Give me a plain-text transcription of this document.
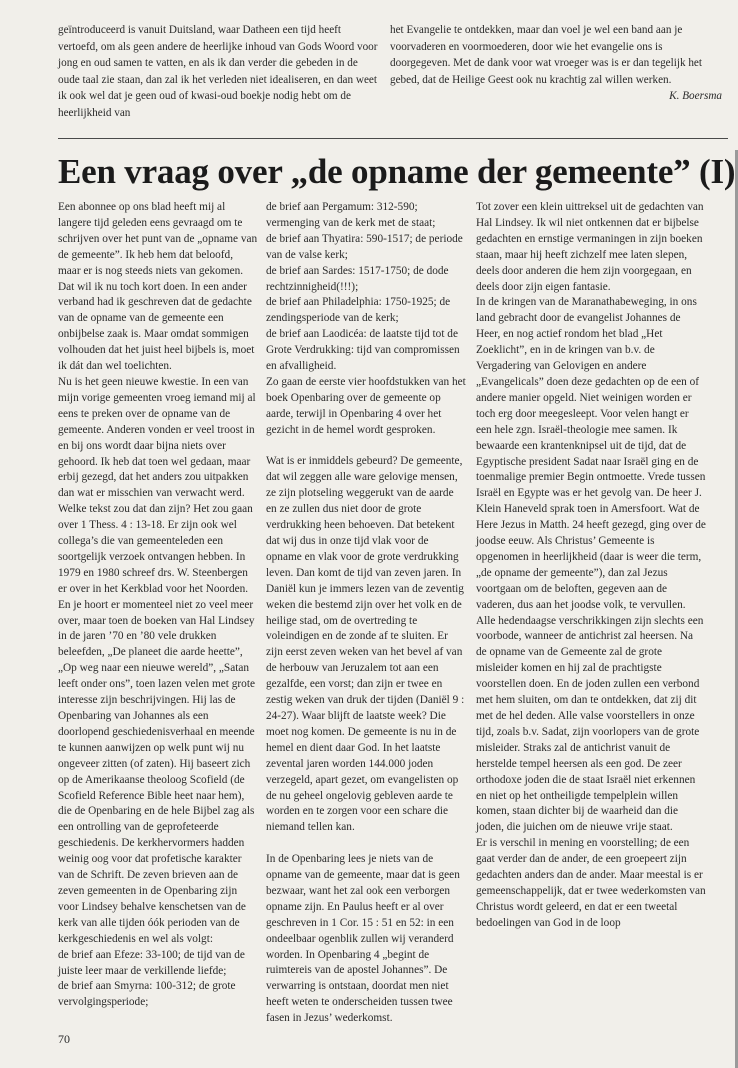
geïntroduceerd is vanuit Duitsland, waar Datheen een tijd heeft vertoefd, om als geen andere de heerlijke inhoud van Gods Woord voor jong en oud samen te vatten, en als ik dan verder die gebeden in de oude taal zie staan, dan zal ik het verleden niet idealiseren, en dan weet ik ook wel dat je geen oud of kwasi-oud boekje nodig hebt om de heerlijkheid van

het Evangelie te ontdekken, maar dan voel je wel een band aan je voorvaderen en voormoederen, door wie het evangelie ons is doorgegeven. Met de dank voor wat vroeger was is er dan tegelijk het gebed, dat de Heilige Geest ook nu krachtig zal willen werken.

K. Boersma

Een vraag over „de opname der gemeente” (I)

Een abonnee op ons blad heeft mij al langere tijd geleden eens gevraagd om te schrijven over het punt van de „opname van de gemeente”. Ik heb hem dat beloofd, maar er is nog steeds niets van gekomen. Dat wil ik nu toch kort doen. In een ander verband had ik geschreven dat de gedachte van de opname van de gemeente een onbijbelse zaak is. Maar omdat sommigen volhouden dat het juist heel bijbels is, moet ik dát dan wel toelichten.

Nu is het geen nieuwe kwestie. In een van mijn vorige gemeenten vroeg iemand mij al eens te preken over de opname van de gemeente. Anderen vonden er veel troost in en bij ons wordt daar bijna niets over gehoord. Ik heb dat toen wel gedaan, maar erbij gezegd, dat het anders zou uitpakken dan wat er misschien van verwacht werd.

Welke tekst zou dat dan zijn? Het zou gaan over 1 Thess. 4 : 13-18. Er zijn ook wel collega’s die van gemeenteleden een soortgelijk verzoek ontvangen hebben. In 1979 en 1980 schreef drs. W. Steenbergen er over in het Kerkblad voor het Noorden.

En je hoort er momenteel niet zo veel meer over, maar toen de boeken van Hal Lindsey in de jaren ’70 en ’80 vele drukken beleefden, „De planeet die aarde heette”, „Op weg naar een nieuwe wereld”, „Satan leeft onder ons”, toen lazen velen met grote interesse zijn beschrijvingen. Hij las de Openbaring van Johannes als een doorlopend geschiedenisverhaal en meende te kunnen aanwijzen op welk punt wij nu ongeveer zitten (of zaten). Hij baseert zich op de Amerikaanse theoloog Scofield (de Scofield Reference Bible heet naar hem), die de Openbaring en de hele Bijbel zag als een ontrolling van de geprofeteerde geschiedenis. De kerkhervormers hadden weinig oog voor dat profetische karakter van de Schrift. De zeven brieven aan de zeven gemeenten in de Openbaring zijn voor Lindsey behalve kenschetsen van de kerk van alle tijden óók perioden van de kerkgeschiedenis en wel als volgt:

de brief aan Efeze: 33-100; de tijd van de juiste leer maar de verkillende liefde;

de brief aan Smyrna: 100-312; de grote vervolgingsperiode;

de brief aan Pergamum: 312-590; vermenging van de kerk met de staat;

de brief aan Thyatira: 590-1517; de periode van de valse kerk;

de brief aan Sardes: 1517-1750; de dode rechtzinnigheid(!!!);

de brief aan Philadelphia: 1750-1925; de zendingsperiode van de kerk;

de brief aan Laodicéa: de laatste tijd tot de Grote Verdrukking: tijd van compromissen en afvalligheid.

Zo gaan de eerste vier hoofdstukken van het boek Openbaring over de gemeente op aarde, terwijl in Openbaring 4 over het gezicht in de hemel wordt gesproken.

Wat is er inmiddels gebeurd? De gemeente, dat wil zeggen alle ware gelovige mensen, ze zijn plotseling weggerukt van de aarde en ze zullen dus niet door de grote verdrukking heen behoeven. Dat betekent dat wij dus in onze tijd vlak voor de opname en vlak voor de grote verdrukking leven. Dan komt de tijd van zeven jaren. In Daniël kun je immers lezen van de zeventig weken die bestemd zijn over het volk en de heilige stad, om de overtreding te voleindigen en de zonde af te sluiten. Er zijn eerst zeven weken van het bevel af van de herbouw van Jeruzalem tot aan een gezalfde, een vorst; dan zijn er twee en zestig weken van druk der tijden (Daniël 9 : 24-27). Waar blijft de laatste week? Die moet nog komen. De gemeente is nu in de hemel en dient daar God. In het laatste zevental jaren worden 144.000 joden verzegeld, apart gezet, om evangelisten op de nu geheel ongelovig gebleven aarde te worden en te zorgen voor een schare die niemand tellen kan.

In de Openbaring lees je niets van de opname van de gemeente, maar dat is geen bezwaar, want het zal ook een verborgen opname zijn. En Paulus heeft er al over geschreven in 1 Cor. 15 : 51 en 52: in een ondeelbaar ogenblik zullen wij veranderd worden. In Openbaring 4 „begint de ruimtereis van de apostel Johannes”. De verwarring is ontstaan, doordat men niet heeft weten te onderscheiden tussen twee fasen in Jezus’ wederkomst.

Tot zover een klein uittreksel uit de gedachten van Hal Lindsey. Ik wil niet ontkennen dat er bijbelse gedachten en ernstige vermaningen in zijn boeken staan, maar hij heeft zichzelf mee laten slepen, deels door anderen die hem zijn voorgegaan, en deels door zijn eigen fantasie.

In de kringen van de Maranathabeweging, in ons land gebracht door de evangelist Johannes de Heer, en nog actief rondom het blad „Het Zoeklicht”, en in de kringen van b.v. de Vergadering van Gelovigen en andere „Evangelicals” doen deze gedachten op de een of andere manier opgeld. Niet weinigen worden er toch erg door meegesleept. Voor velen hangt er een hele zgn. Israël-theologie mee samen. Ik bewaarde een krantenknipsel uit de tijd, dat de Egyptische president Sadat naar Israël ging en de toenmalige premier Begin ontmoette. Vrede tussen Israël en Egypte was er het gevolg van. De heer J. Klein Haneveld sprak toen in Amersfoort. Wat de Here Jezus in Matth. 24 heeft gezegd, ging over de joodse eeuw. Als Christus’ Gemeente is opgenomen in heerlijkheid (daar is weer die term, „de opname der gemeente”), dan zal Jezus voortgaan om de beloften, gegeven aan de vaderen, dus aan het joodse volk, te vervullen. Alle hedendaagse verschrikkingen zijn slechts een voorbode, wanneer de antichrist zal heersen. Na de opname van de Gemeente zal de grote misleider komen en hij zal de prachtigste voorstellen doen. En de joden zullen een verbond met hem sluiten, om dan te ontdekken, dat zij dit met de hel deden. Alle valse voorstellers in onze tijd, zoals b.v. Sadat, zijn voorlopers van de grote misleider. Straks zal de antichrist vanuit de herstelde tempel heersen als een god. De zeer orthodoxe joden die de staat Israël niet erkennen en niet op het ontheiligde tempelplein willen komen, staan dichter bij de waarheid dan die joden, die juichen om de nieuwe vrije staat.

Er is verschil in mening en voorstelling; de een gaat verder dan de ander, de een groepeert zijn gedachten anders dan de ander. Maar meestal is er gemeenschappelijk, dat er twee wederkomsten van Christus wordt geleerd, en dat er een tweetal bedoelingen van God in de loop

70
